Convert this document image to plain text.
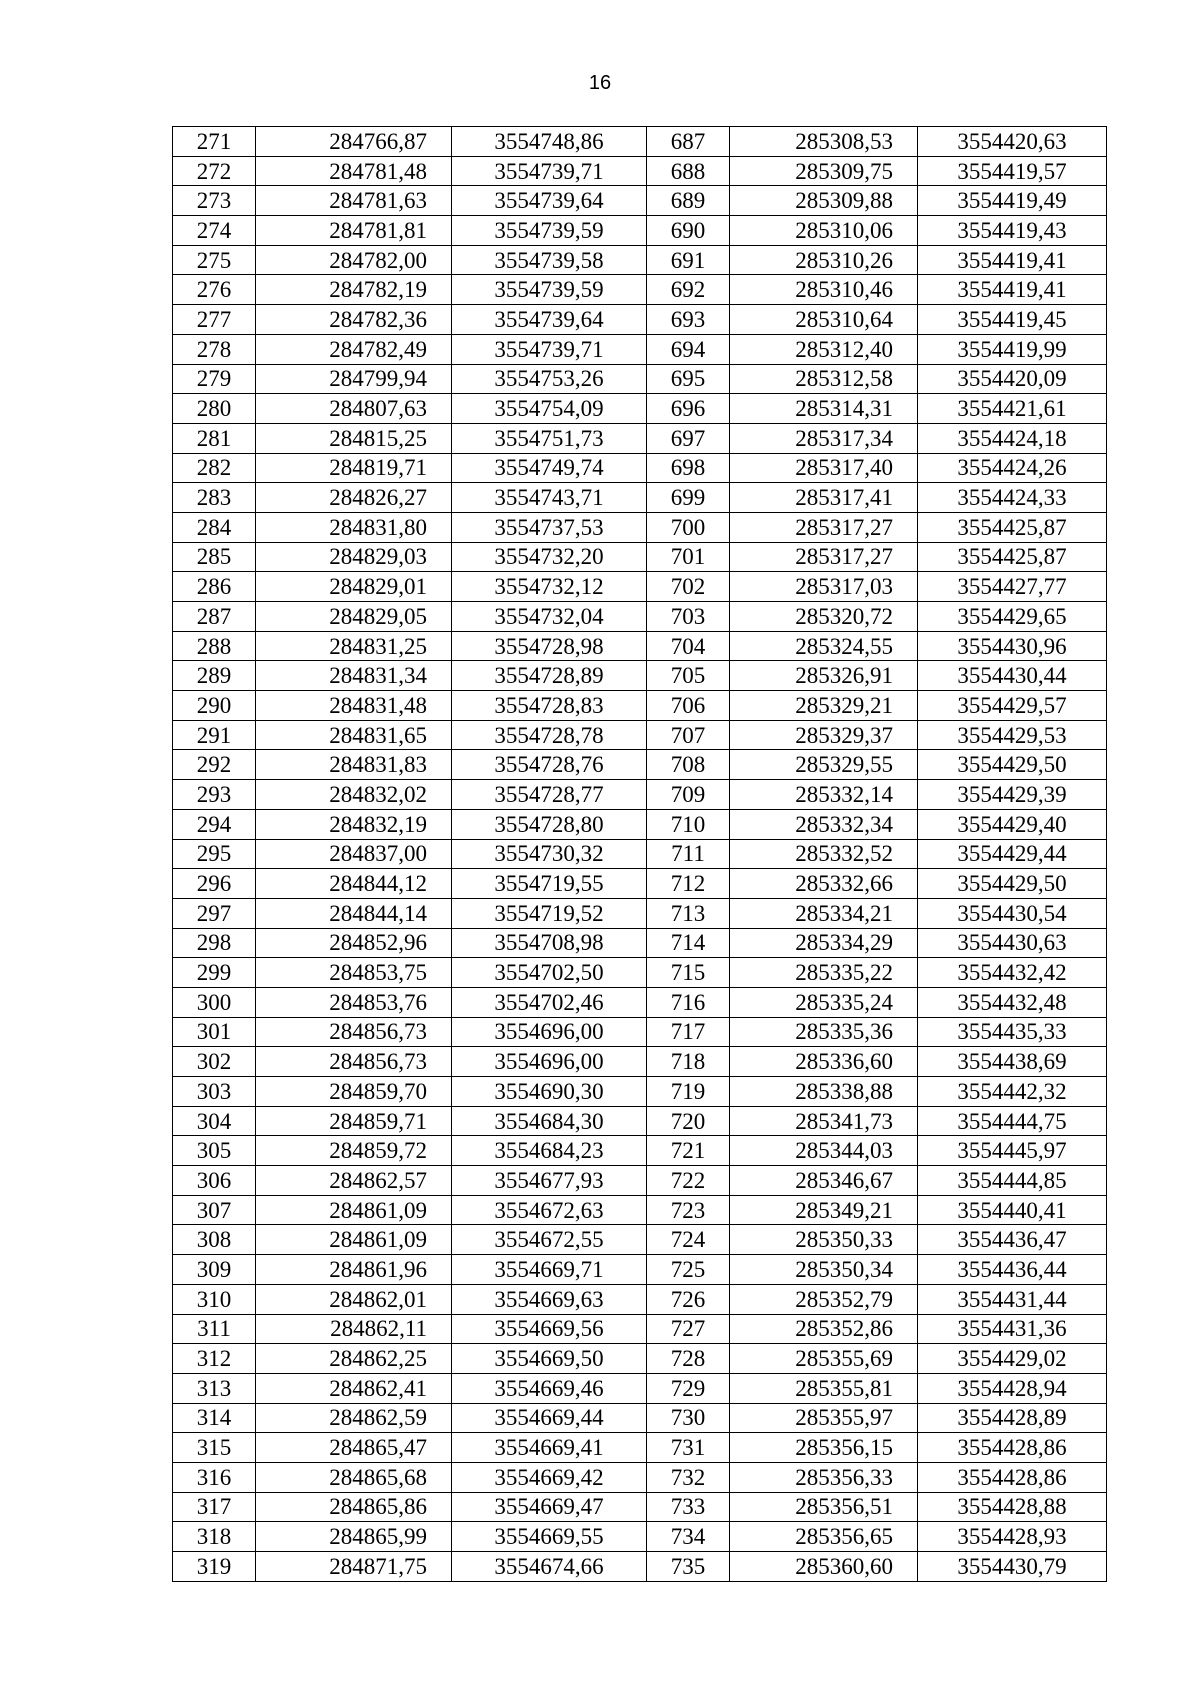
16
271	284766,87	3554748,86	687	285308,53	3554420,63
272	284781,48	3554739,71	688	285309,75	3554419,57
273	284781,63	3554739,64	689	285309,88	3554419,49
274	284781,81	3554739,59	690	285310,06	3554419,43
275	284782,00	3554739,58	691	285310,26	3554419,41
276	284782,19	3554739,59	692	285310,46	3554419,41
277	284782,36	3554739,64	693	285310,64	3554419,45
278	284782,49	3554739,71	694	285312,40	3554419,99
279	284799,94	3554753,26	695	285312,58	3554420,09
280	284807,63	3554754,09	696	285314,31	3554421,61
281	284815,25	3554751,73	697	285317,34	3554424,18
282	284819,71	3554749,74	698	285317,40	3554424,26
283	284826,27	3554743,71	699	285317,41	3554424,33
284	284831,80	3554737,53	700	285317,27	3554425,87
285	284829,03	3554732,20	701	285317,27	3554425,87
286	284829,01	3554732,12	702	285317,03	3554427,77
287	284829,05	3554732,04	703	285320,72	3554429,65
288	284831,25	3554728,98	704	285324,55	3554430,96
289	284831,34	3554728,89	705	285326,91	3554430,44
290	284831,48	3554728,83	706	285329,21	3554429,57
291	284831,65	3554728,78	707	285329,37	3554429,53
292	284831,83	3554728,76	708	285329,55	3554429,50
293	284832,02	3554728,77	709	285332,14	3554429,39
294	284832,19	3554728,80	710	285332,34	3554429,40
295	284837,00	3554730,32	711	285332,52	3554429,44
296	284844,12	3554719,55	712	285332,66	3554429,50
297	284844,14	3554719,52	713	285334,21	3554430,54
298	284852,96	3554708,98	714	285334,29	3554430,63
299	284853,75	3554702,50	715	285335,22	3554432,42
300	284853,76	3554702,46	716	285335,24	3554432,48
301	284856,73	3554696,00	717	285335,36	3554435,33
302	284856,73	3554696,00	718	285336,60	3554438,69
303	284859,70	3554690,30	719	285338,88	3554442,32
304	284859,71	3554684,30	720	285341,73	3554444,75
305	284859,72	3554684,23	721	285344,03	3554445,97
306	284862,57	3554677,93	722	285346,67	3554444,85
307	284861,09	3554672,63	723	285349,21	3554440,41
308	284861,09	3554672,55	724	285350,33	3554436,47
309	284861,96	3554669,71	725	285350,34	3554436,44
310	284862,01	3554669,63	726	285352,79	3554431,44
311	284862,11	3554669,56	727	285352,86	3554431,36
312	284862,25	3554669,50	728	285355,69	3554429,02
313	284862,41	3554669,46	729	285355,81	3554428,94
314	284862,59	3554669,44	730	285355,97	3554428,89
315	284865,47	3554669,41	731	285356,15	3554428,86
316	284865,68	3554669,42	732	285356,33	3554428,86
317	284865,86	3554669,47	733	285356,51	3554428,88
318	284865,99	3554669,55	734	285356,65	3554428,93
319	284871,75	3554674,66	735	285360,60	3554430,79
